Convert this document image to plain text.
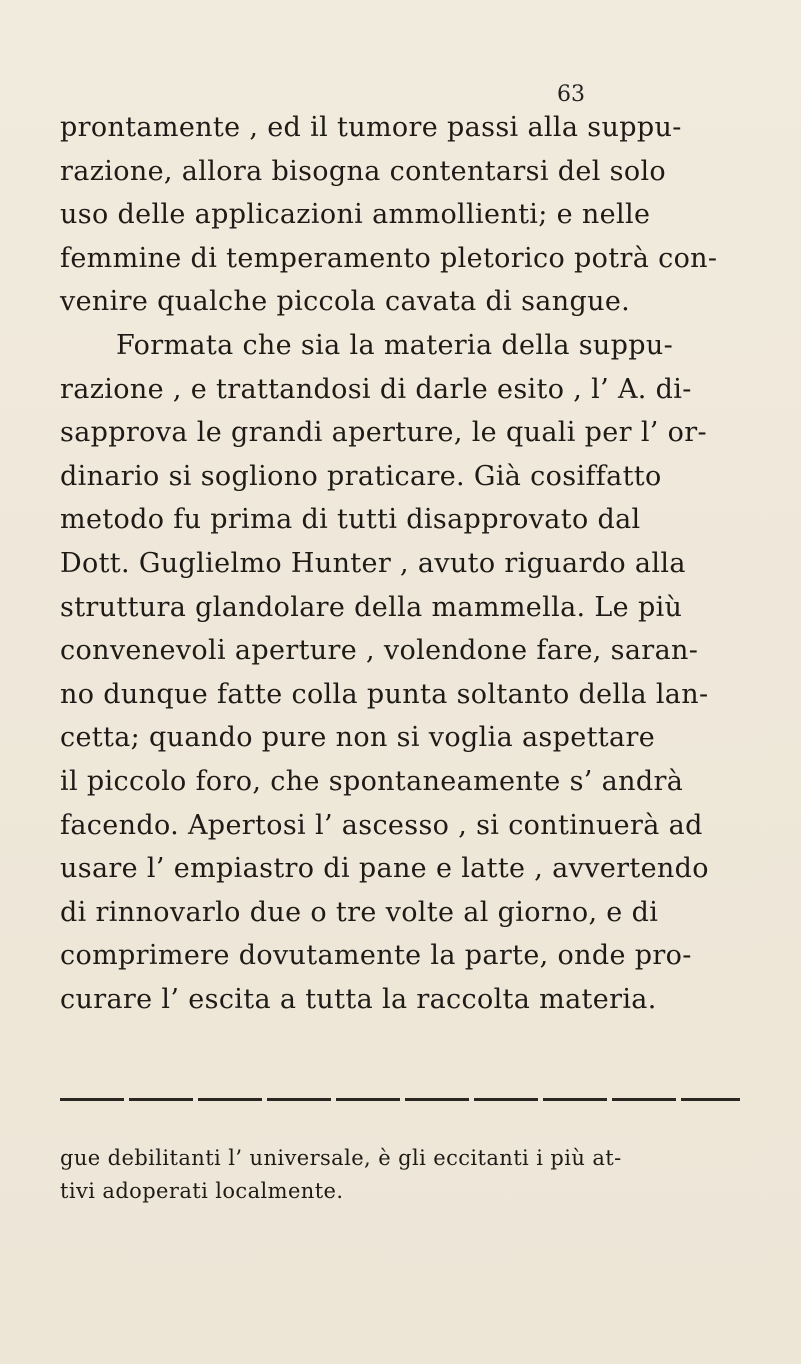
63
prontamente , ed il tumore passi alla suppu-
razione, allora bisogna contentarsi del solo
uso delle applicazioni ammollienti; e nelle
femmine di temperamento pletorico potrà con-
venire qualche piccola cavata di sangue.
Formata che sia la materia della suppu-
razione , e trattandosi di darle esito , l’ A. di-
sapprova le grandi aperture, le quali per l’ or-
dinario si sogliono praticare. Già cosiffatto
metodo fu prima di tutti disapprovato dal
Dott. Guglielmo Hunter , avuto riguardo alla
struttura glandolare della mammella. Le più
convenevoli aperture , volendone fare, saran-
no dunque fatte colla punta soltanto della lan-
cetta; quando pure non si voglia aspettare
il piccolo foro, che spontaneamente s’ andrà
facendo. Apertosi l’ ascesso , si continuerà ad
usare l’ empiastro di pane e latte , avvertendo
di rinnovarlo due o tre volte al giorno, e di
comprimere dovutamente la parte, onde pro-
curare l’ escita a tutta la raccolta materia.
gue debilitanti l’ universale, è gli eccitanti i più at-
tivi adoperati localmente.
